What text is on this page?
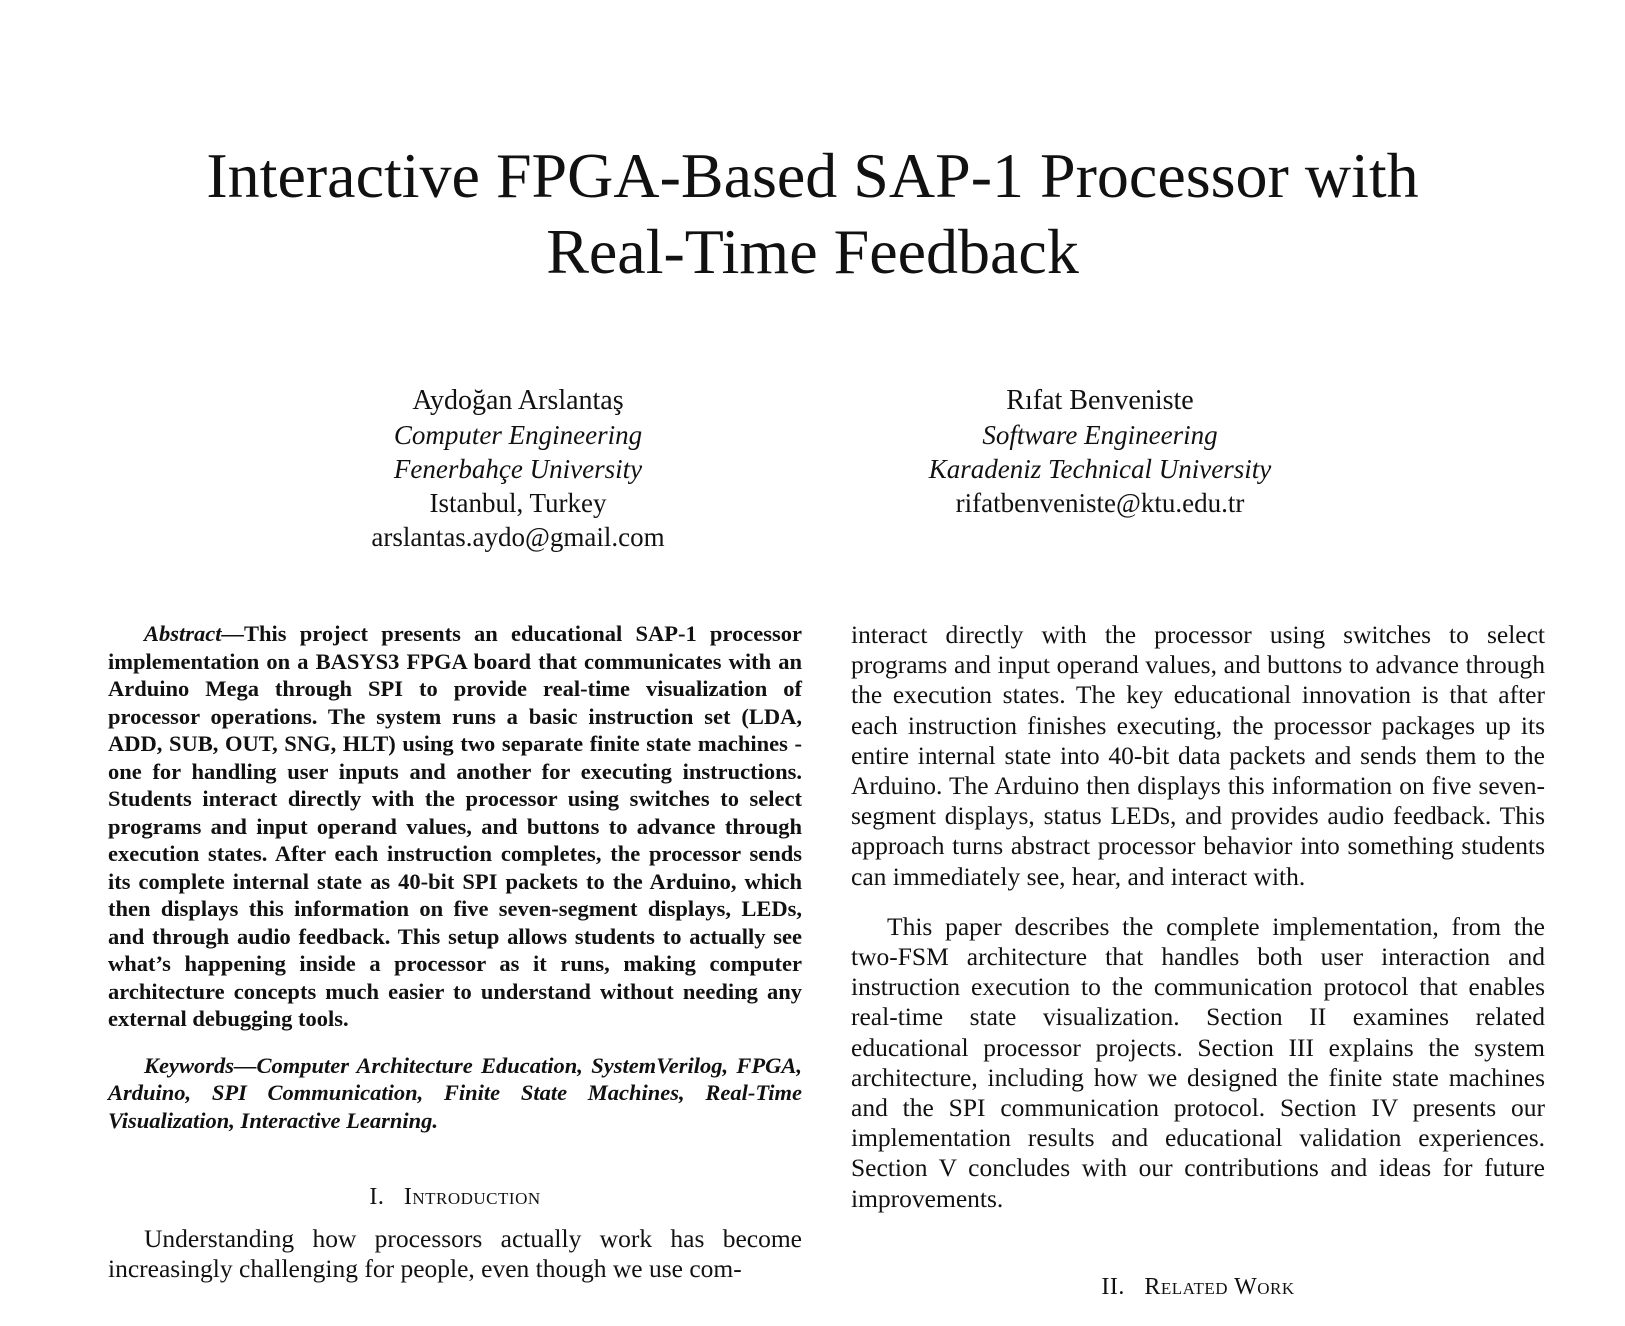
Interactive FPGA-Based SAP-1 Processor with
Real-Time Feedback
Aydoğan Arslantaş
Computer Engineering
Fenerbahçe University
Istanbul, Turkey
arslantas.aydo@gmail.com
Rıfat Benveniste
Software Engineering
Karadeniz Technical University
rifatbenveniste@ktu.edu.tr

Abstract—This project presents an educational SAP-1 processor implementation on a BASYS3 FPGA board that communicates with an Arduino Mega through SPI to provide real-time visualization of processor operations. The system runs a basic instruction set (LDA, ADD, SUB, OUT, SNG, HLT) using two separate finite state machines - one for handling user inputs and another for executing instructions. Students interact directly with the processor using switches to select programs and input operand values, and buttons to advance through execution states. After each instruction completes, the processor sends its complete internal state as 40-bit SPI packets to the Arduino, which then displays this information on five seven-segment displays, LEDs, and through audio feedback. This setup allows students to actually see what’s happening inside a processor as it runs, making computer architecture concepts much easier to understand without needing any external debugging tools.

Keywords—Computer Architecture Education, SystemVerilog, FPGA, Arduino, SPI Communication, Finite State Machines, Real-Time Visualization, Interactive Learning.

I. Introduction

Understanding how processors actually work has become increasingly challenging for people, even though we use com-

interact directly with the processor using switches to select programs and input operand values, and buttons to advance through the execution states. The key educational innovation is that after each instruction finishes executing, the processor packages up its entire internal state into 40-bit data packets and sends them to the Arduino. The Arduino then displays this information on five seven-segment displays, status LEDs, and provides audio feedback. This approach turns abstract processor behavior into something students can immediately see, hear, and interact with.

This paper describes the complete implementation, from the two-FSM architecture that handles both user interaction and instruction execution to the communication protocol that enables real-time state visualization. Section II examines related educational processor projects. Section III explains the system architecture, including how we designed the finite state machines and the SPI communication protocol. Section IV presents our implementation results and educational validation experiences. Section V concludes with our contributions and ideas for future improvements.

II. Related Work
